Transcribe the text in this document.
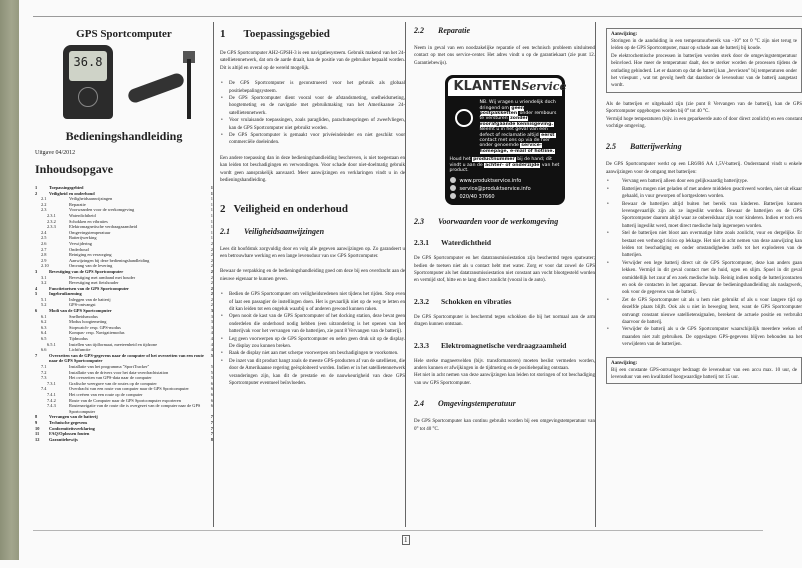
GPS Sportcomputer
36.8
Bedieningshandleiding
Uitgave 04/2012
Inhoudsopgave
1	Toepassingsgebied	1
2	Veiligheid en onderhoud	1
2.1	Veiligheidsaanwijzingen	1
2.2	Reparatie	1
2.3	Voorwaarden voor de werkomgeving	1
2.3.1	Waterdichtheid	1
2.3.2	Schokken en vibraties	1
2.3.3	Elektromagnetische verdraagzaamheid	1
2.4	Omgevingstemperatuur	1
2.5	Batterijwerking	1
2.6	Verwijdering	2
2.7	Onderhoud	2
2.8	Reiniging en verzorging	2
2.9	Aanwijzingen bij deze bedieningshandleiding	2
2.10	Omvang van de levering	2
3	Bevestiging van de GPS Sportcomputer	2
3.1	Bevestiging met armband met houder	2
3.2	Bevestiging met fietshouder	2
4	Functietoetsen van de GPS Sportcomputer	2
5	Ingebruikneming	2
5.1	Inleggen van de batterij	2
5.2	GPS-ontvangst	2
6	Modi van de GPS Sportcomputer	3
6.1	Snelheidsmodus	3
6.2	Modus hoogtemeting	3
6.3	Stopwatch- resp. GPS-modus	3
6.4	Kompas- resp. Navigatiemodus	4
6.5	Tijdmodus	4
6.5.1	Instellen van tijdformaat, meeteenheid en tijdzone	4
6.6	Lichtfunctie	4
7	Overzetten van de GPS-gegevens naar de computer of het overzetten van een route naar de GPS Sportcomputer
5
7.1	Installatie van het programma "SportTracker"	5
7.2	Installatie van de drivers voor het data-overdrachtstation	5
7.3	Het overzetten van GPS-data naar de computer	5
7.3.1	Grafische weergave van de routes op de computer	6
7.4	Overdracht van een route van computer naar de GPS Sportcomputer	6
7.4.1	Het creëren van een route op de computer	6
7.4.2	Route van de Computer naar de GPS Sportcomputer exporteren	6
7.4.3	Routenavigatie van de route die is overgezet van de computer naar de GPS Sportcomputer
6
8	Vervangen van de batterij	7
9	Technische gegevens	7
10	Conformiteitsverklaring	7
11	FAQ/Oplossen fouten	7
12	Garantiebewijs	8
1 Toepassingsgebied

De GPS Sportcomputer AH2-GPSH-3 is een navigatiesysteem. Gebruik makend van het 24-satellietennetwerk, dat om de aarde draait, kan de positie van de gebruiker bepaald worden. Dit is altijd en overal op de wereld mogelijk.

• De GPS Sportcomputer is geconstrueerd voor het gebruik als globaal positiebepalingsysteem.
• De GPS Sportcomputer dient vooral voor de afstandsmeting, snelheidsmeting, hoogtemeting en de navigatie met gebruikmaking van het Amerikaanse 24-satellietennetwerk.
• Voor vrulaisande toepassingen, zoals paragliden, parachutespringen of zweefvliegen, kan de GPS Sportcomputer niet gebruikt worden.
• De GPS Sportcomputer is gemaakt voor privéeindeinder en niet geschikt voor commerciële doeleinden.

Een andere toepassing dan in deze bedieningshandleiding beschreven, is niet toegestaan en kan leiden tot beschadigingen en verwondingen. Voor schade door niet-doelmatig gebruik wordt geen aansprakelijk aanvaard. Meer aanwijzingen en verklaringen vindt u in de bedieningshandleiding.

2 Veiligheid en onderhoud
2.1 Veiligheidsaanwijzingen

Lees dit hoofdstuk zorgvuldig door en volg alle gegeven aanwijzingen op. Zo garandeert u een betrouwbare werking en een lange levensduur van uw GPS Sportcomputer.

Bewaar de verpakking en de bedieningshandleiding goed om deze bij een overdracht aan de nieuwe eigenaar te kunnen geven.

• Bedien de GPS Sportcomputer om veiligheidsredenen niet tijdens het rijden. Stop even of laat een passagier de instellingen doen. Het is gevaarlijk niet op de weg te letten en dit kan leiden tot een ongeluk waarbij u of anderen gewond kunnen raken.
• Open nooit de kast van de GPS Sportcomputer of het docking station, deze bevat geen onderdelen die onderhoud nodig hebben (een uitzondering is het openen van het batterijvak voor het vervangen van de batterijen, zie punt 8 Vervangen van de batterij).
• Leg geen voorwerpen op de GPS Sportcomputer en oefen geen druk uit op de display. De display zou kunnen breken.
• Raak de display niet aan met scherpe voorwerpen om beschadigingen te voorkomen.
• De inzet van dit product hangt zoals de meeste GPS-producten af van de satellieten, die door de Amerikaanse regering geëxploiteerd worden. Indien er in het satellietennetwerk veranderingen zijn, kan dit de prestatie en de nauwkeurigheid van deze GPS Sportcomputer eventueel beïnvloeden.
2.2 Reparatie

Neem in geval van een noodzakelijke reparatie of een technisch probleem uitsluitend contact op met ons service-center. Het adres vindt u op de garantiekaart (zie punt 12. Garantiebewijs).

KLANTENService
NB. Wij vragen u vriendelijk doch dringend om geen postpakketten onder rembours te versturen zonder voorafgaande kennisgeving. Neemt u in het geval van een defect of reclamatie altijd eerst contact met ons op via de hier onder genoemde service-homepage, e-mail of hotline.
Houd het productnummer bij de hand; dit vindt u aan de achter- of onderzijde van het product.
www.produktservice.info
service@produktservice.info
020/40 37660
2.3 Voorwaarden voor de werkomgeving
2.3.1 Waterdichtheid

De GPS Sportcomputer en het datatransmissiestation zijn beschermd tegen spatwater; bedien de toetsen niet als u contact hebt met water. Zorg er voor dat zowel de GPS Sportcomputer als het datatransmissiestation niet constant aan vocht blootgesteld worden en vermijd stof, hitte en te lang direct zonlicht (vooral in de auto).

2.3.2 Schokken en vibraties

De GPS Sportcomputer is beschermd tegen schokken die bij het normaal aan de arm dragen kunnen ontstaan.

2.3.3 Elektromagnetische verdraagzaamheid

Hele sterke magneetvelden (bijv. transformatoren) moeten beslist vermeden worden, anders kunnen er afwijkingen in de tijdmeting en de positiebepaling ontstaan.

Het niet in acht nemen van deze aanwijzingen kan leiden tot storingen of tot beschadiging van uw GPS Sportcomputer.

2.4 Omgevingstemperatuur

De GPS Sportcomputer kan continu gebruikt worden bij een omgevingstemperatuur van 0° tot 40 °C.

Aanwijzing:

Storingen in de aanduiding in een temperatuurbereik van -10° tot 0 °C zijn niet terug te leiden op de GPS Sportcomputer, maar op schade aan de batterij bij koude.

De elektrochemische processen in batterijen worden sterk door de omgevingstemperatuur beïnvloed. Hoe meer de temperatuur daalt, des te sterker worden de processen tijdens de ontlading gehinderd. Let er daarom op dat de batterij kan „bevriezen" bij temperaturen onder het vriespunt , wat tot gevolg heeft dat daardoor de levensduur van de batterij aangetast wordt.

Als de batterijen er uitgehaald zijn (zie punt 8 Vervangen van de batterij), kan de GPS Sportcomputer opgeborgen worden bij 0° tot 40 °C.

Vermijd hoge temperaturen (bijv. in een geparkeerde auto of door direct zonlicht) en een constant vochtige omgeving.

2.5 Batterijwerking

De GPS Sportcomputer werkt op een LR6/R6 AA 1,5V-batterij. Onderstaand vindt u enkele aanwijzingen voor de omgang met batterijen:

• Vervang een batterij alleen door een gelijkwaardig batterijtype.
• Batterijen mogen niet geladen of met andere middelen geactiveerd worden, niet uit elkaar gehaald, in vuur geworpen of kortgesloten worden.
• Bewaar de batterijen altijd buiten het bereik van kinderen. Batterijen kunnen levensgevaarlijk zijn als ze ingeslikt worden. Bewaar de batterijen en de GPS Sportcomputer daarom altijd waar ze onbereikbaar zijn voor kinderen. Indien er toch een batterij ingeslikt werd, moet direct medische hulp ingeroepen worden.
• Stel de batterijen niet bloot aan overmatige hitte zoals zonlicht, vuur en dergelijke. Er bestaat een verhoogd risico op lekkage. Het niet in acht nemen van deze aanwijzing kan leiden tot beschadiging en onder omstandigheden zelfs tot het exploderen van de batterijen.
• Verwijder een lege batterij direct uit de GPS Sportcomputer, deze kan anders gaan lekken. Vermijd in dit geval contact met de huid, ogen en slijm. Spoel in dit geval onmiddellijk het zuur af en zoek medische hulp. Reinig indien nodig de batterijcontacten en ook de contacten in het apparaat. Bewaar de bedieningshandleiding als naslagwerk, ook voor de gegevens van de batterij.
• Zet de GPS Sportcomputer uit als u hem niet gebruikt of als u voor langere tijd op dezelfde plaats blijft. Ook als u niet in beweging bent, want de GPS Sportcomputer ontvangt constant nieuwe satellietensignalen, berekent de actuele positie en verbruikt daarvoor de batterij.
• Verwijder de batterij als u de GPS Sportcomputer waarschijnlijk meerdere weken of maanden niet zult gebruiken. De opgeslagen GPS-gegevens blijven behouden na het verwijderen van de batterijen.
Aanwijzing:

Bij een constante GPS-ontvanger bedraagt de levensduur van een accu max. 10 uur, de levensduur van een kwalitatief hoogwaardige batterij tot 15 uur.

1
